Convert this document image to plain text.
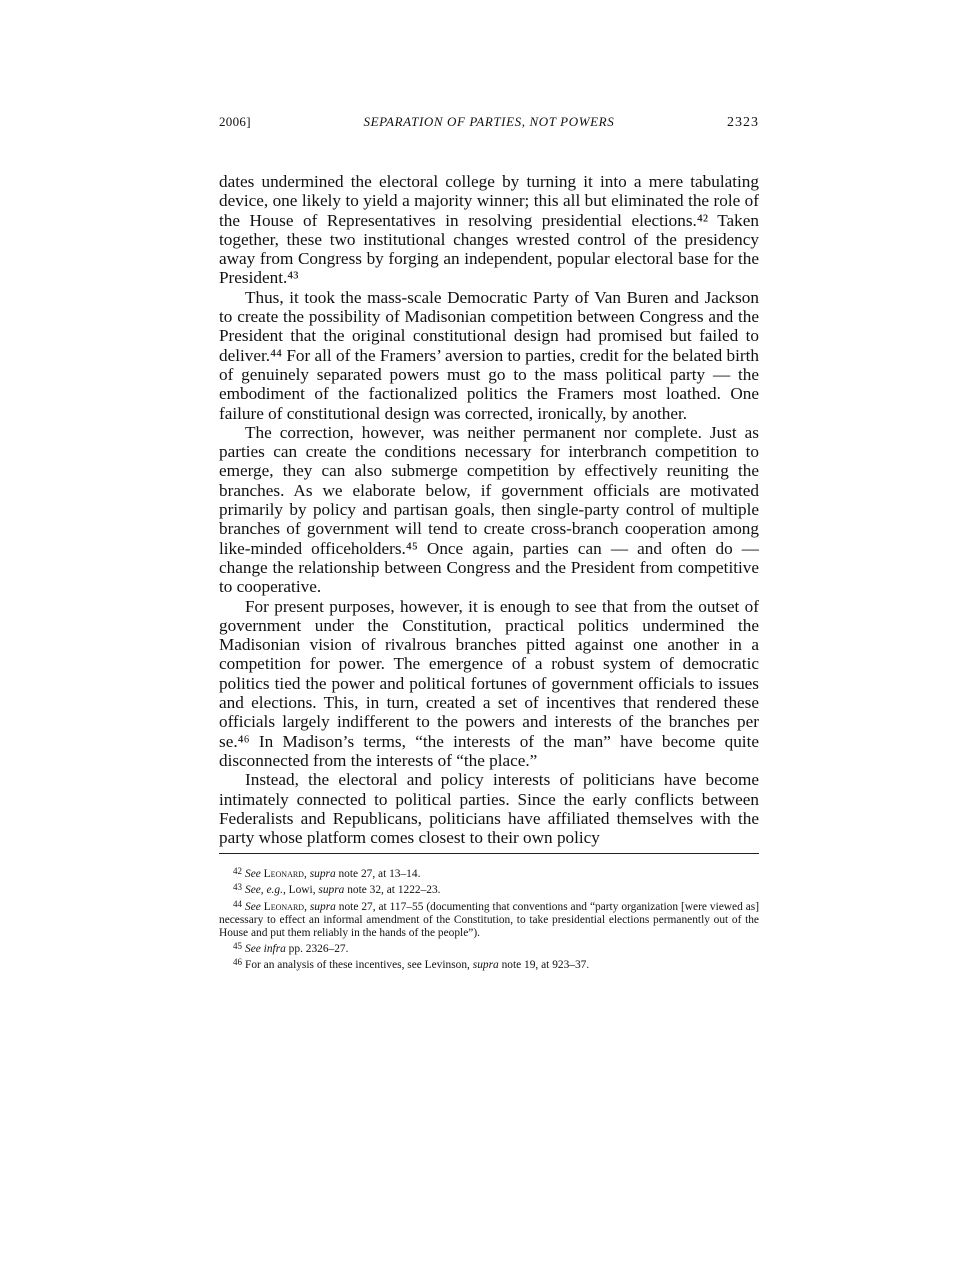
2006]	SEPARATION OF PARTIES, NOT POWERS	2323

dates undermined the electoral college by turning it into a mere tabulating device, one likely to yield a majority winner; this all but eliminated the role of the House of Representatives in resolving presidential elections.⁴² Taken together, these two institutional changes wrested control of the presidency away from Congress by forging an independent, popular electoral base for the President.⁴³

Thus, it took the mass-scale Democratic Party of Van Buren and Jackson to create the possibility of Madisonian competition between Congress and the President that the original constitutional design had promised but failed to deliver.⁴⁴ For all of the Framers’ aversion to parties, credit for the belated birth of genuinely separated powers must go to the mass political party — the embodiment of the factionalized politics the Framers most loathed. One failure of constitutional design was corrected, ironically, by another.

The correction, however, was neither permanent nor complete. Just as parties can create the conditions necessary for interbranch competition to emerge, they can also submerge competition by effectively reuniting the branches. As we elaborate below, if government officials are motivated primarily by policy and partisan goals, then single-party control of multiple branches of government will tend to create cross-branch cooperation among like-minded officeholders.⁴⁵ Once again, parties can — and often do — change the relationship between Congress and the President from competitive to cooperative.

For present purposes, however, it is enough to see that from the outset of government under the Constitution, practical politics undermined the Madisonian vision of rivalrous branches pitted against one another in a competition for power. The emergence of a robust system of democratic politics tied the power and political fortunes of government officials to issues and elections. This, in turn, created a set of incentives that rendered these officials largely indifferent to the powers and interests of the branches per se.⁴⁶ In Madison’s terms, “the interests of the man” have become quite disconnected from the interests of “the place.”

Instead, the electoral and policy interests of politicians have become intimately connected to political parties. Since the early conflicts between Federalists and Republicans, politicians have affiliated themselves with the party whose platform comes closest to their own policy

$^{42}$ See Leonard, supra note 27, at 13–14.

$^{43}$ See, e.g., Lowi, supra note 32, at 1222–23.

$^{44}$ See Leonard, supra note 27, at 117–55 (documenting that conventions and “party organization [were viewed as] necessary to effect an informal amendment of the Constitution, to take presidential elections permanently out of the House and put them reliably in the hands of the people”).

$^{45}$ See infra pp. 2326–27.

$^{46}$ For an analysis of these incentives, see Levinson, supra note 19, at 923–37.
